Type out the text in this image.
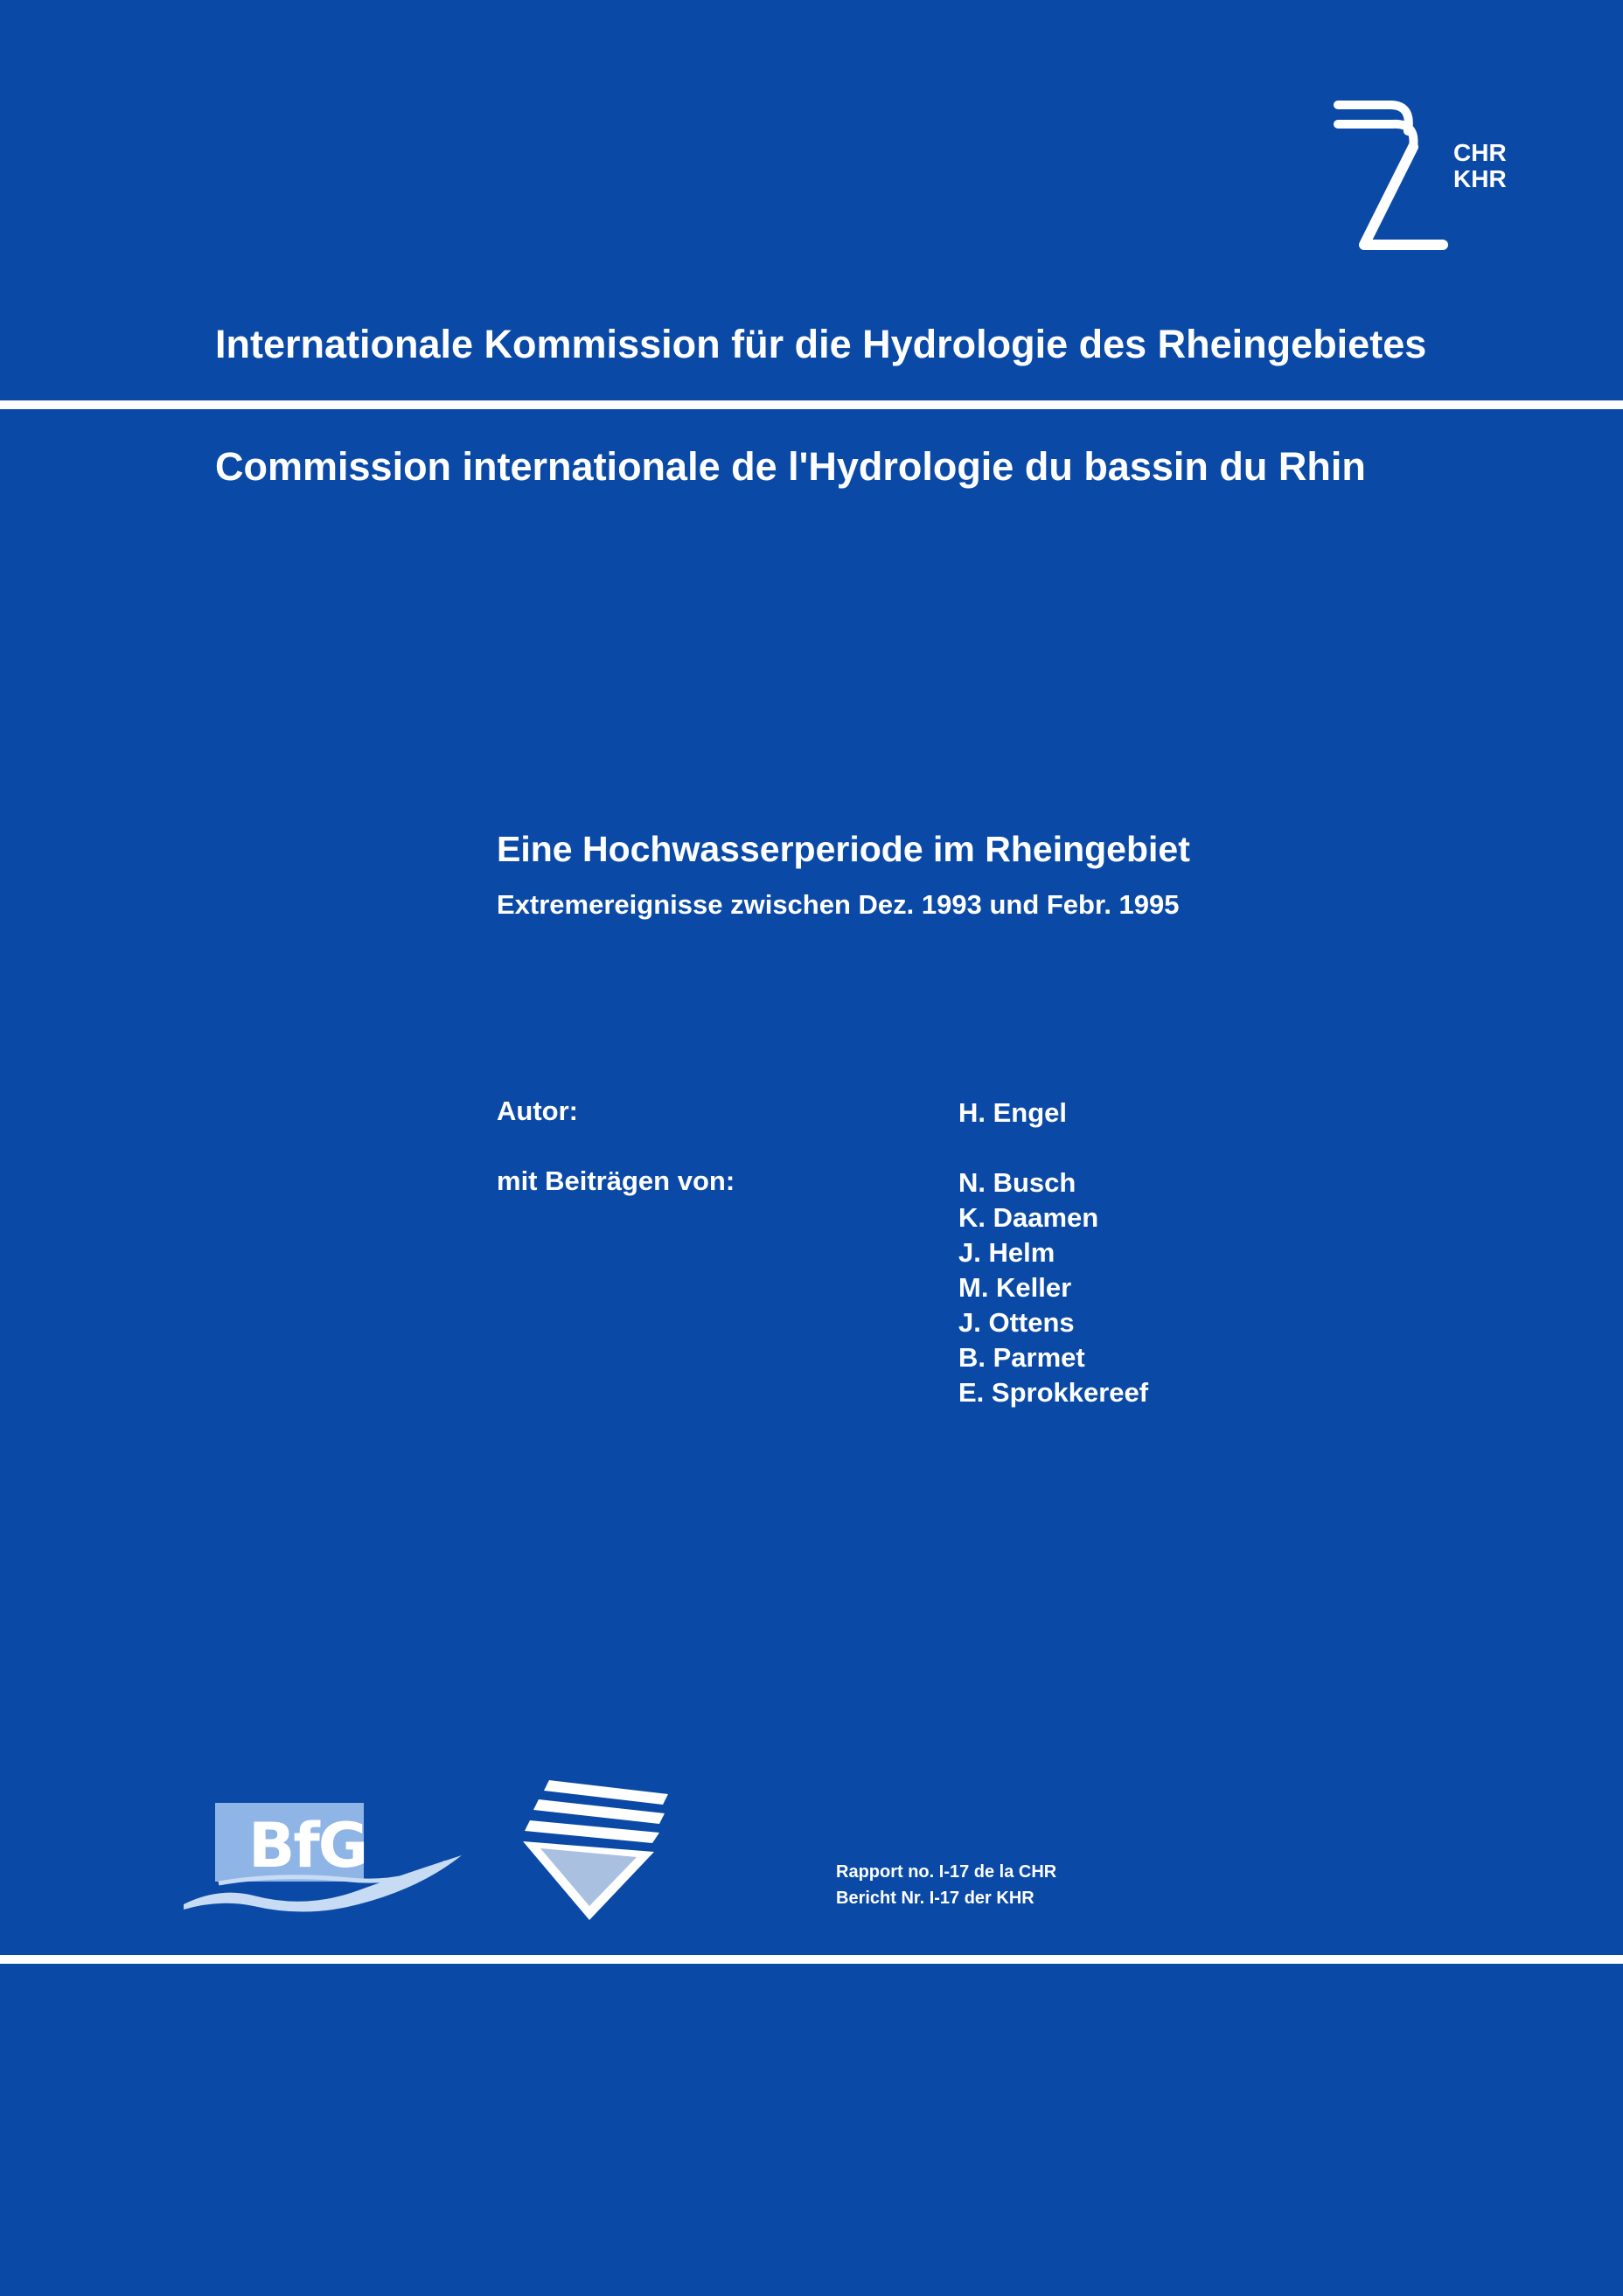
CHR
KHR
Internationale Kommission für die Hydrologie des Rheingebietes
Commission internationale de l'Hydrologie du bassin du Rhin
Eine Hochwasserperiode im Rheingebiet
Extremereignisse zwischen Dez. 1993 und Febr. 1995
Autor:	H. Engel
mit Beiträgen von:	N. Busch
K. Daamen
J. Helm
M. Keller
J. Ottens
B. Parmet
E. Sprokkereef
BfG	Rapport no. I-17 de la CHR
Bericht Nr. I-17 der KHR
